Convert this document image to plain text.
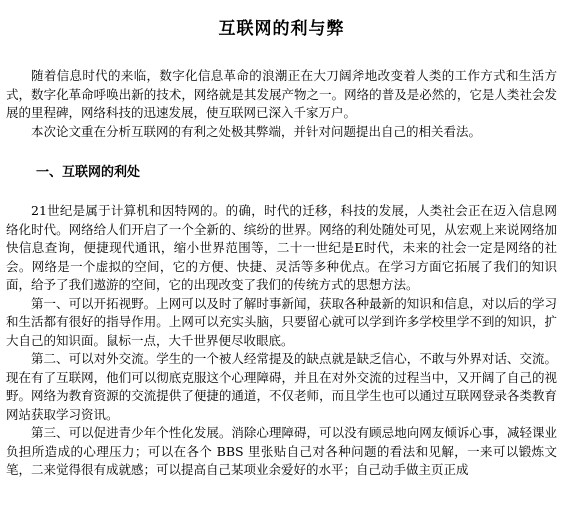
互联网的利与弊

随着信息时代的来临，数字化信息革命的浪潮正在大刀阔斧地改变着人类的工作方式和生活方式，数字化革命呼唤出新的技术，网络就是其发展产物之一。网络的普及是必然的，它是人类社会发展的里程碑，网络科技的迅速发展，使互联网已深入千家万户。

本次论文重在分析互联网的有利之处极其弊端，并针对问题提出自己的相关看法。

一、互联网的利处

21世纪是属于计算机和因特网的。的确，时代的迁移，科技的发展，人类社会正在迈入信息网络化时代。网络给人们开启了一个全新的、缤纷的世界。网络的利处随处可见，从宏观上来说网络加快信息查询，便捷现代通讯，缩小世界范围等，二十一世纪是E时代，未来的社会一定是网络的社会。网络是一个虚拟的空间，它的方便、快捷、灵活等多种优点。在学习方面它拓展了我们的知识面，给予了我们遨游的空间，它的出现改变了我们的传统方式的思想方法。

第一、可以开拓视野。上网可以及时了解时事新闻，获取各种最新的知识和信息，对以后的学习和生活都有很好的指导作用。上网可以充实头脑，只要留心就可以学到许多学校里学不到的知识，扩大自己的知识面。鼠标一点，大千世界便尽收眼底。

第二、可以对外交流。学生的一个被人经常提及的缺点就是缺乏信心，不敢与外界对话、交流。现在有了互联网，他们可以彻底克服这个心理障碍，并且在对外交流的过程当中，又开阔了自己的视野。网络为教育资源的交流提供了便捷的通道，不仅老师，而且学生也可以通过互联网登录各类教育网站获取学习资讯。

第三、可以促进青少年个性化发展。消除心理障碍，可以没有顾忌地向网友倾诉心事，减轻课业负担所造成的心理压力；可以在各个 BBS 里张贴自己对各种问题的看法和见解，一来可以锻炼文笔，二来觉得很有成就感；可以提高自己某项业余爱好的水平；自己动手做主页正成
